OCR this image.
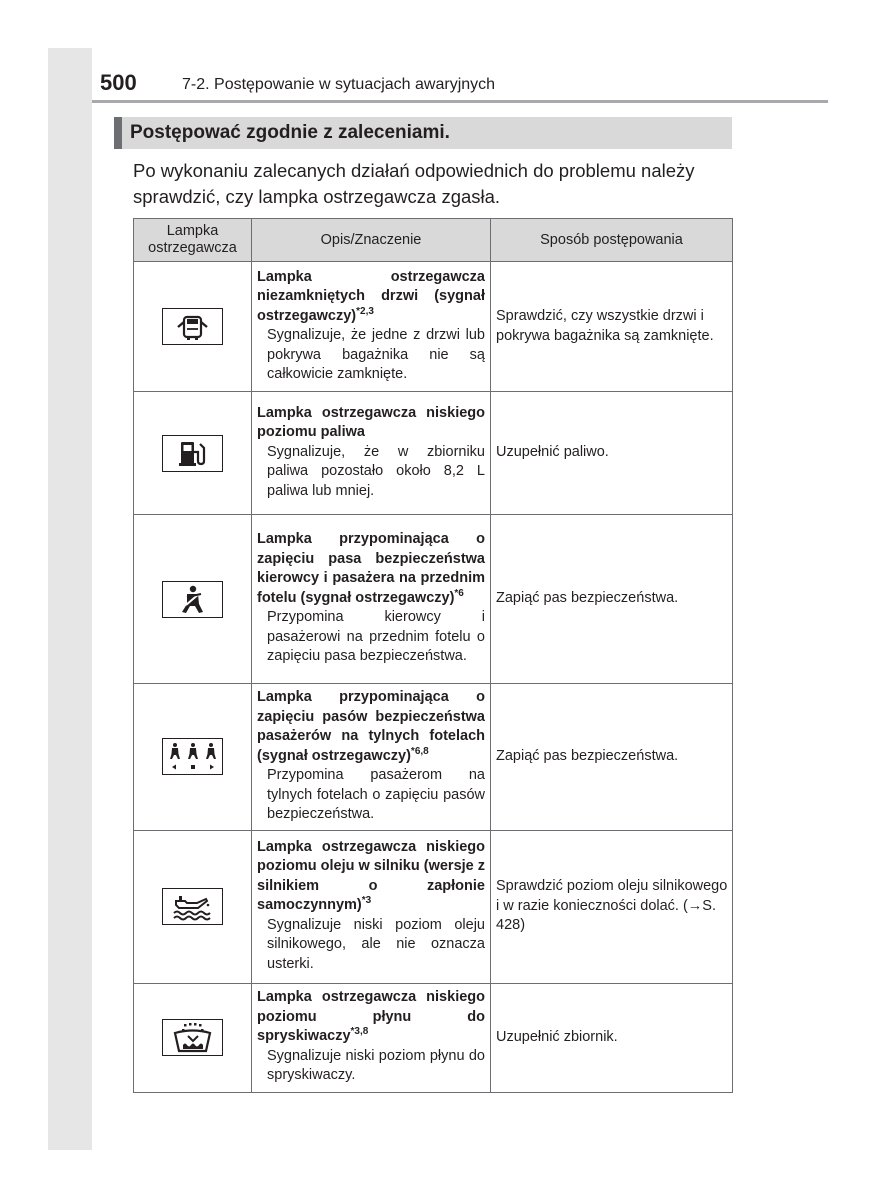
500	7-2. Postępowanie w sytuacjach awaryjnych
Postępować zgodnie z zaleceniami.
Po wykonaniu zalecanych działań odpowiednich do problemu należy sprawdzić, czy lampka ostrzegawcza zgasła.
Lampka ostrzegawcza	Opis/Znaczenie	Sposób postępowania

Lampka ostrzegawcza niezamkniętych drzwi (sygnał ostrzegawczy)$^{*2,3}$
Sygnalizuje, że jedne z drzwi lub pokrywa bagażnika nie są całkowicie zamknięte.	Sprawdzić, czy wszystkie drzwi i pokrywa bagażnika są zamknięte.

Lampka ostrzegawcza niskiego poziomu paliwa
Sygnalizuje, że w zbiorniku paliwa pozostało około 8,2 L paliwa lub mniej.	Uzupełnić paliwo.

Lampka przypominająca o zapięciu pasa bezpieczeństwa kierowcy i pasażera na przednim fotelu (sygnał ostrzegawczy)$^{*6}$
Przypomina kierowcy i pasażerowi na przednim fotelu o zapięciu pasa bezpieczeństwa.	Zapiąć pas bezpieczeństwa.

Lampka przypominająca o zapięciu pasów bezpieczeństwa pasażerów na tylnych fotelach (sygnał ostrzegawczy)$^{*6,8}$
Przypomina pasażerom na tylnych fotelach o zapięciu pasów bezpieczeństwa.	Zapiąć pas bezpieczeństwa.

Lampka ostrzegawcza niskiego poziomu oleju w silniku (wersje z silnikiem o zapłonie samoczynnym)$^{*3}$
Sygnalizuje niski poziom oleju silnikowego, ale nie oznacza usterki.	Sprawdzić poziom oleju silnikowego i w razie konieczności dolać. (→S. 428)

Lampka ostrzegawcza niskiego poziomu płynu do spryskiwaczy$^{*3,8}$
Sygnalizuje niski poziom płynu do spryskiwaczy.	Uzupełnić zbiornik.
